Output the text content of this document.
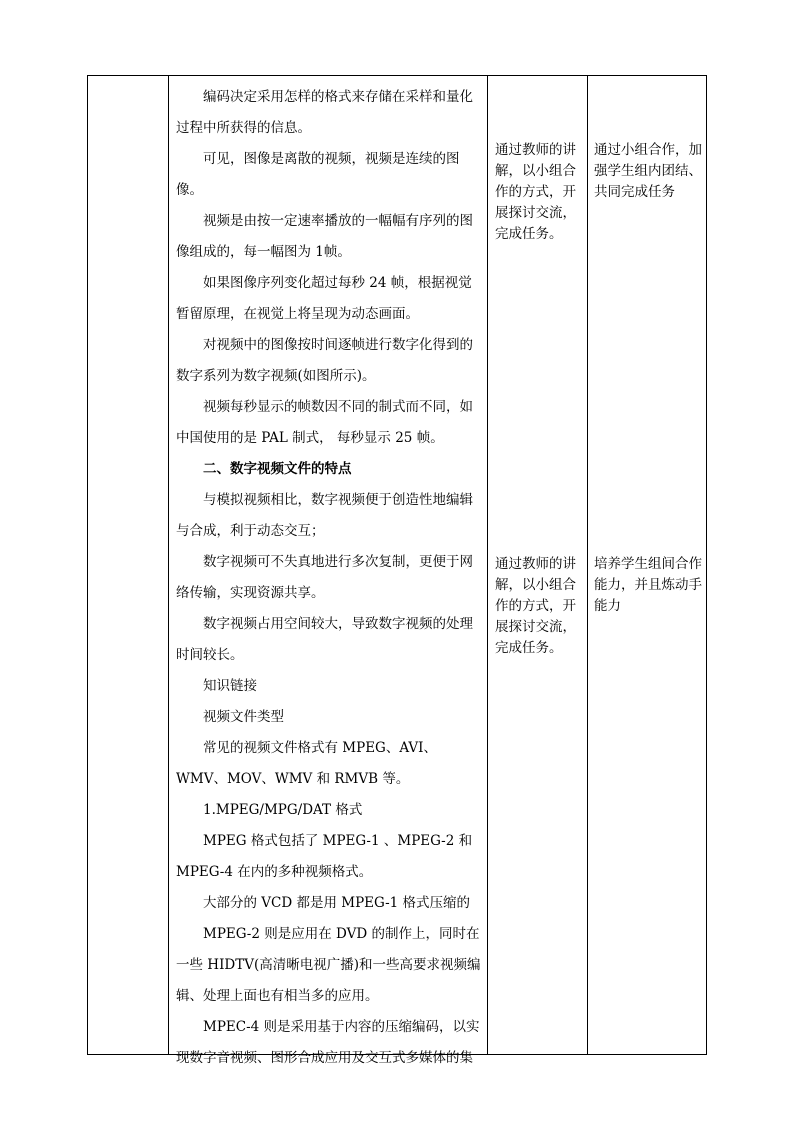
编码决定采用怎样的格式来存储在采样和量化过程中所获得的信息。

可见，图像是离散的视频，视频是连续的图像。

视频是由按一定速率播放的一幅幅有序列的图像组成的，每一幅图为 1帧。

如果图像序列变化超过每秒 24 帧，根据视觉暂留原理，在视觉上将呈现为动态画面。

对视频中的图像按时间逐帧进行数字化得到的数字系列为数字视频(如图所示)。

视频每秒显示的帧数因不同的制式而不同，如中国使用的是 PAL 制式， 每秒显示 25 帧。

二、数字视频文件的特点

与模拟视频相比，数字视频便于创造性地编辑与合成，利于动态交互；

数字视频可不失真地进行多次复制，更便于网络传输，实现资源共享。

数字视频占用空间较大，导致数字视频的处理时间较长。

知识链接

视频文件类型

常见的视频文件格式有 MPEG、AVI、WMV、MOV、WMV 和 RMVB 等。

1.MPEG/MPG/DAT 格式

MPEG 格式包括了 MPEG-1 、MPEG-2 和MPEG-4 在内的多种视频格式。

大部分的 VCD 都是用 MPEG-1 格式压缩的

MPEG-2 则是应用在 DVD 的制作上，同时在一些 HIDTV(高清晰电视广播)和一些高要求视频编辑、处理上面也有相当多的应用。

MPEC-4 则是采用基于内容的压缩编码，以实现数字音视频、图形合成应用及交互式多媒体的集

通过教师的讲解，以小组合作的方式，开展探讨交流，完成任务。
通过小组合作，加强学生组内团结、共同完成任务
通过教师的讲解，以小组合作的方式，开展探讨交流，完成任务。
培养学生组间合作能力，并且炼动手能力
